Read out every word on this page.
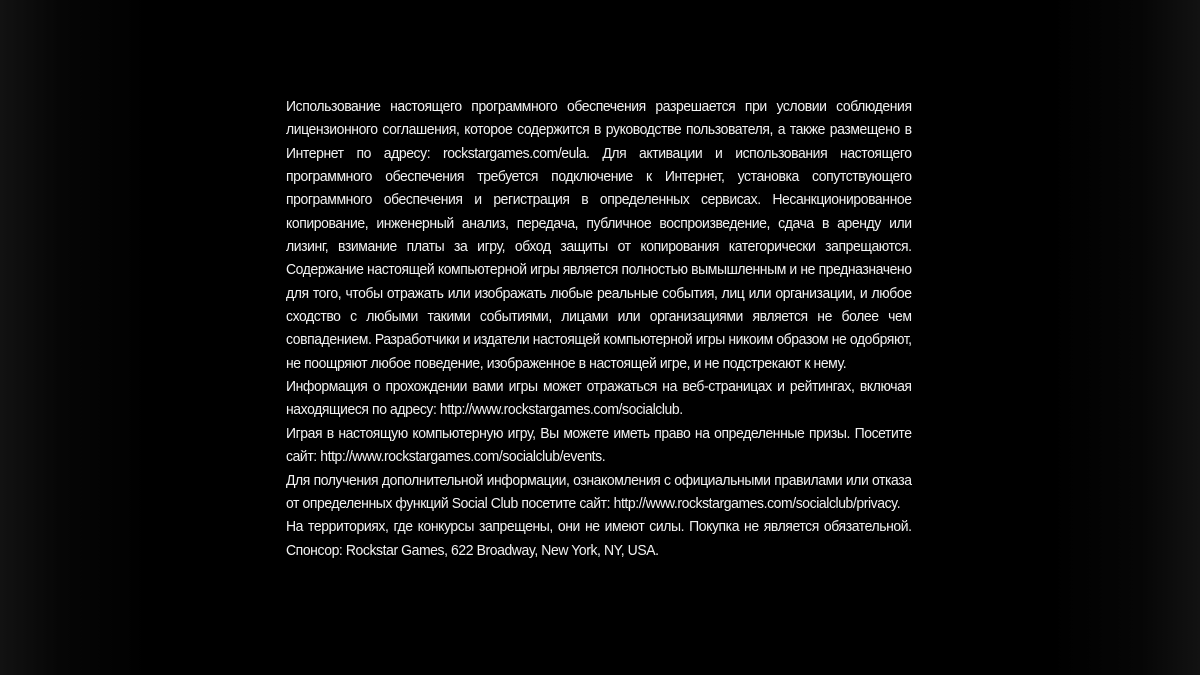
Использование настоящего программного обеспечения разрешается при условии соблюдения лицензионного соглашения, которое содержится в руководстве пользователя, а также размещено в Интернет по адресу: rockstargames.com/eula. Для активации и использования настоящего программного обеспечения требуется подключение к Интернет, установка сопутствующего программного обеспечения и регистрация в определенных сервисах. Несанкционированное копирование, инженерный анализ, передача, публичное воспроизведение, сдача в аренду или лизинг, взимание платы за игру, обход защиты от копирования категорически запрещаются. Содержание настоящей компьютерной игры является полностью вымышленным и не предназначено для того, чтобы отражать или изображать любые реальные события, лиц или организации, и любое сходство с любыми такими событиями, лицами или организациями является не более чем совпадением. Разработчики и издатели настоящей компьютерной игры никоим образом не одобряют, не поощряют любое поведение, изображенное в настоящей игре, и не подстрекают к нему.

Информация о прохождении вами игры может отражаться на веб-страницах и рейтингах, включая находящиеся по адресу: http://www.rockstargames.com/socialclub.

Играя в настоящую компьютерную игру, Вы можете иметь право на определенные призы. Посетите сайт: http://www.rockstargames.com/socialclub/events.

Для получения дополнительной информации, ознакомления с официальными правилами или отказа от определенных функций Social Club посетите сайт: http://www.rockstargames.com/socialclub/privacy.

На территориях, где конкурсы запрещены, они не имеют силы. Покупка не является обязательной. Спонсор: Rockstar Games, 622 Broadway, New York, NY, USA.
